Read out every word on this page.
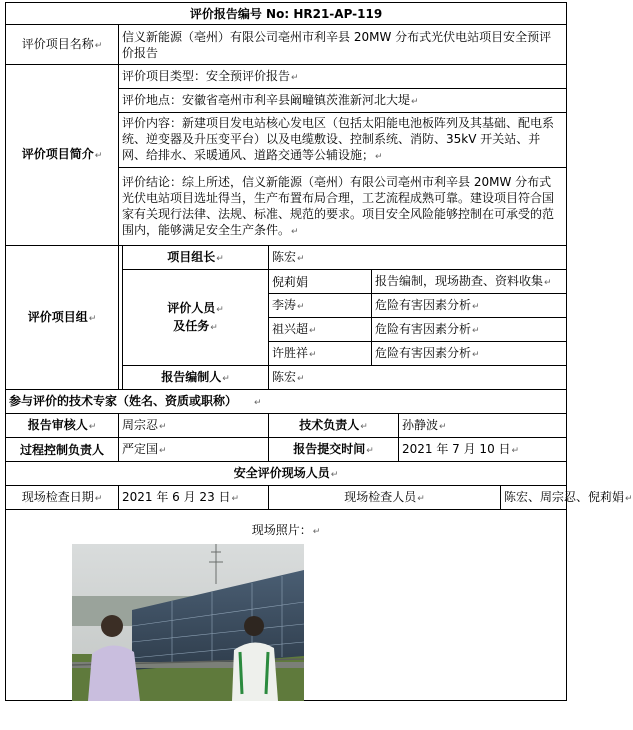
评价报告编号 No: HR21-AP-119						
评价项目名称↵	信义新能源（亳州）有限公司亳州市利辛县 20MW 分布式光伏电站项目安全预评价报告					
评价项目简介↵	评价项目类型：安全预评价报告↵					
	评价地点：安徽省亳州市利辛县阚疃镇茨淮新河北大堤↵					
	评价内容：新建项目发电站核心发电区（包括太阳能电池板阵列及其基础、配电系统、逆变器及升压变平台）以及电缆敷设、控制系统、消防、35kV 开关站、并网、给排水、采暖通风、道路交通等公辅设施；↵					
	评价结论：综上所述，信义新能源（亳州）有限公司亳州市利辛县 20MW 分布式光伏电站项目选址得当，生产布置布局合理，工艺流程成熟可靠。建设项目符合国家有关现行法律、法规、标准、规范的要求。项目安全风险能够控制在可承受的范围内，能够满足安全生产条件。↵					
评价项目组↵		项目组长↵	陈宏↵			

		评价人员↵
及任务↵	倪莉娟	报告编制，现场勘查、资料收集↵		
			李涛↵	危险有害因素分析↵		
			祖兴超↵	危险有害因素分析↵		
			许胜祥↵	危险有害因素分析↵		
		报告编制人↵	陈宏↵			
参与评价的技术专家（姓名、资质或职称） ↵						
报告审核人↵	周宗忍↵		技术负责人↵		孙静波↵	
过程控制负责人	严定国↵		报告提交时间↵		2021 年 7 月 10 日↵	
安全评价现场人员↵						
现场检查日期↵	2021 年 6 月 23 日↵		现场检查人员↵			陈宏、周宗忍、倪莉娟↵

现场照片：↵						
